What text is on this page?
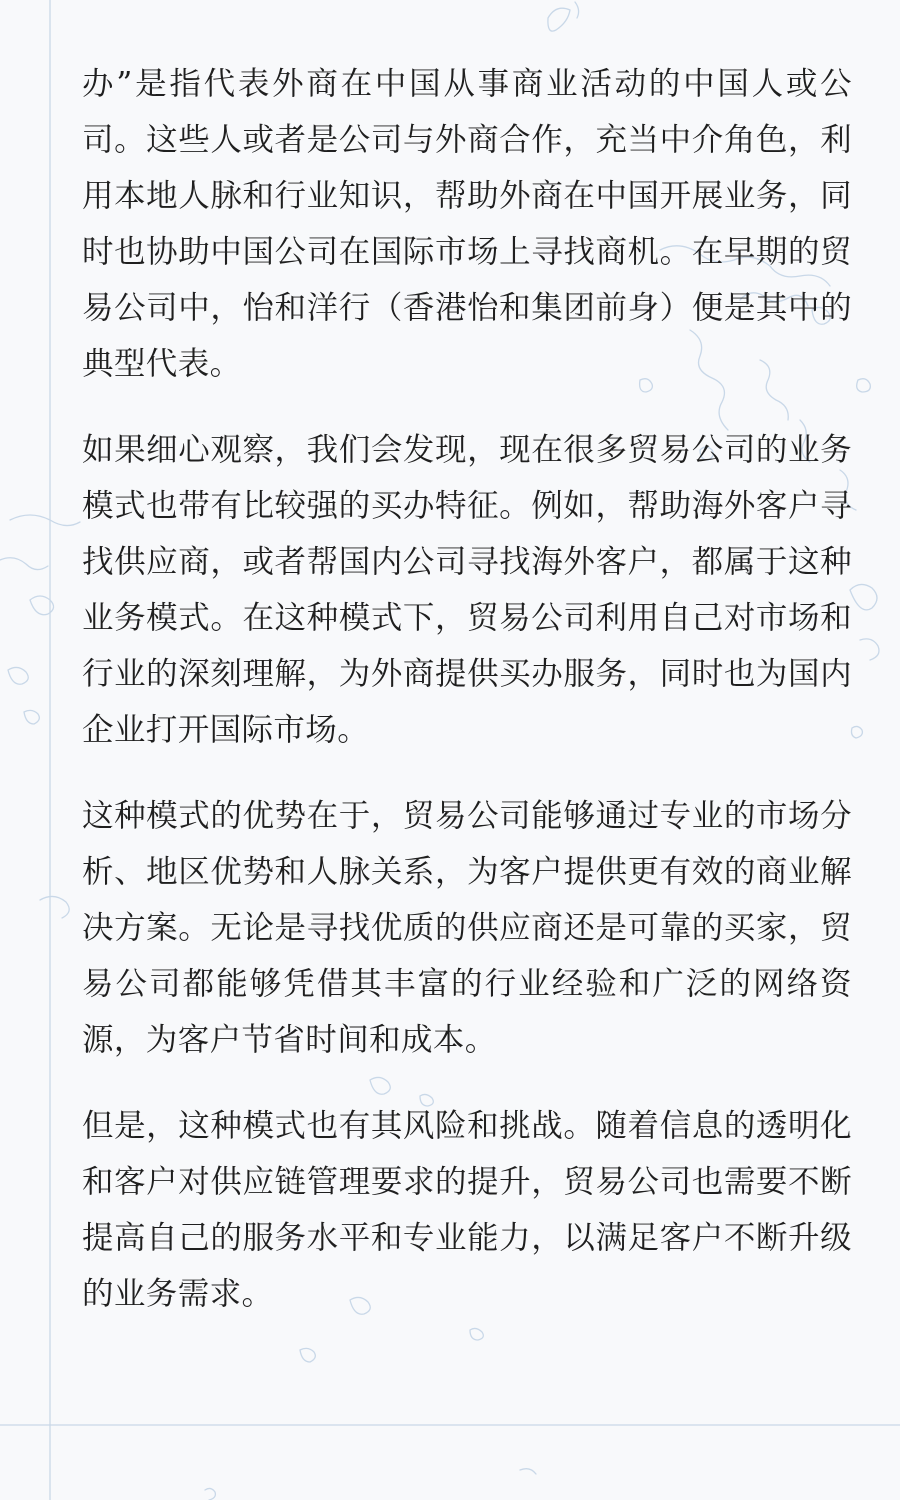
办”是指代表外商在中国从事商业活动的中国人或公司。这些人或者是公司与外商合作，充当中介角色，利用本地人脉和行业知识，帮助外商在中国开展业务，同时也协助中国公司在国际市场上寻找商机。在早期的贸易公司中，怡和洋行（香港怡和集团前身）便是其中的典型代表。

如果细心观察，我们会发现，现在很多贸易公司的业务模式也带有比较强的买办特征。例如，帮助海外客户寻找供应商，或者帮国内公司寻找海外客户，都属于这种业务模式。在这种模式下，贸易公司利用自己对市场和行业的深刻理解，为外商提供买办服务，同时也为国内企业打开国际市场。

这种模式的优势在于，贸易公司能够通过专业的市场分析、地区优势和人脉关系，为客户提供更有效的商业解决方案。无论是寻找优质的供应商还是可靠的买家，贸易公司都能够凭借其丰富的行业经验和广泛的网络资源，为客户节省时间和成本。

但是，这种模式也有其风险和挑战。随着信息的透明化和客户对供应链管理要求的提升，贸易公司也需要不断提高自己的服务水平和专业能力，以满足客户不断升级的业务需求。
